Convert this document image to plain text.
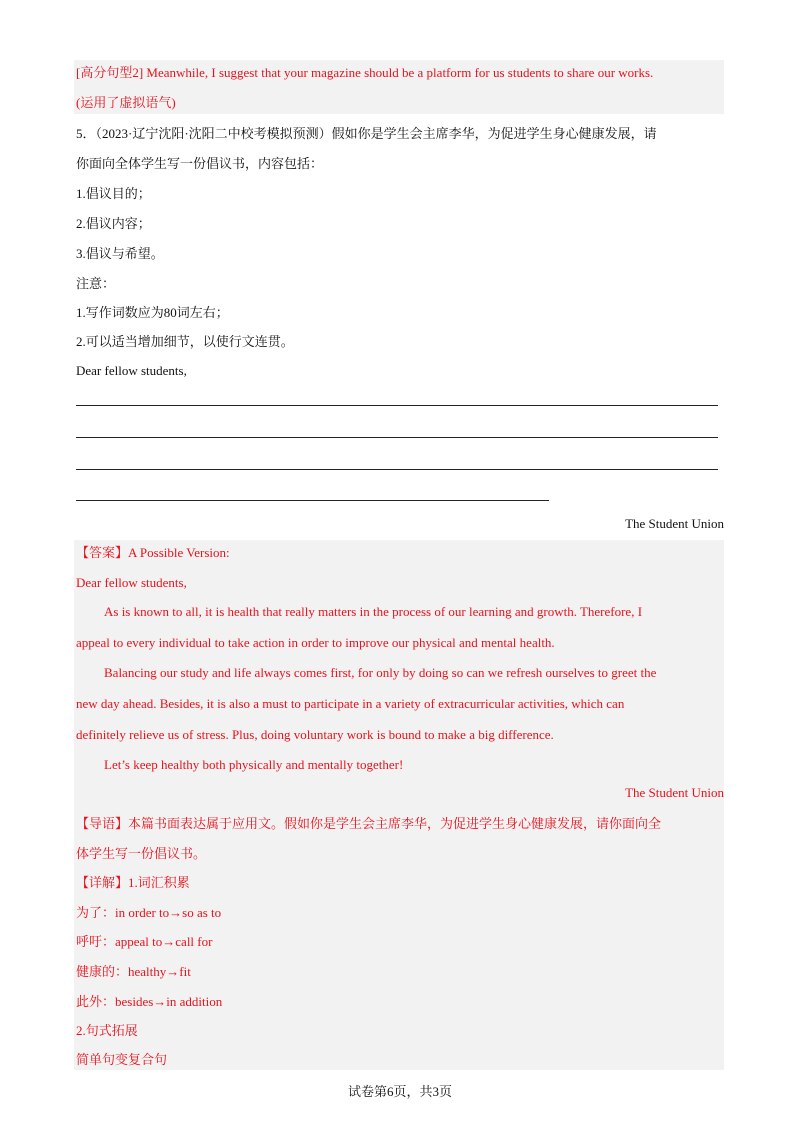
[高分句型2] Meanwhile, I suggest that your magazine should be a platform for us students to share our works.
(运用了虚拟语气)
5．（2023·辽宁沈阳·沈阳二中校考模拟预测）假如你是学生会主席李华，为促进学生身心健康发展，请
你面向全体学生写一份倡议书，内容包括：
1.倡议目的；
2.倡议内容；
3.倡议与希望。
注意：
1.写作词数应为80词左右；
2.可以适当增加细节，以使行文连贯。
Dear fellow students,
The Student Union
【答案】A Possible Version:
Dear fellow students,
As is known to all, it is health that really matters in the process of our learning and growth. Therefore, I
appeal to every individual to take action in order to improve our physical and mental health.
Balancing our study and life always comes first, for only by doing so can we refresh ourselves to greet the
new day ahead. Besides, it is also a must to participate in a variety of extracurricular activities, which can
definitely relieve us of stress. Plus, doing voluntary work is bound to make a big difference.
Let’s keep healthy both physically and mentally together!
The Student Union
【导语】本篇书面表达属于应用文。假如你是学生会主席李华，为促进学生身心健康发展，请你面向全
体学生写一份倡议书。
【详解】1.词汇积累
为了：in order to→so as to
呼吁：appeal to→call for
健康的：healthy→fit
此外：besides→in addition
2.句式拓展
简单句变复合句
试卷第6页，共3页
